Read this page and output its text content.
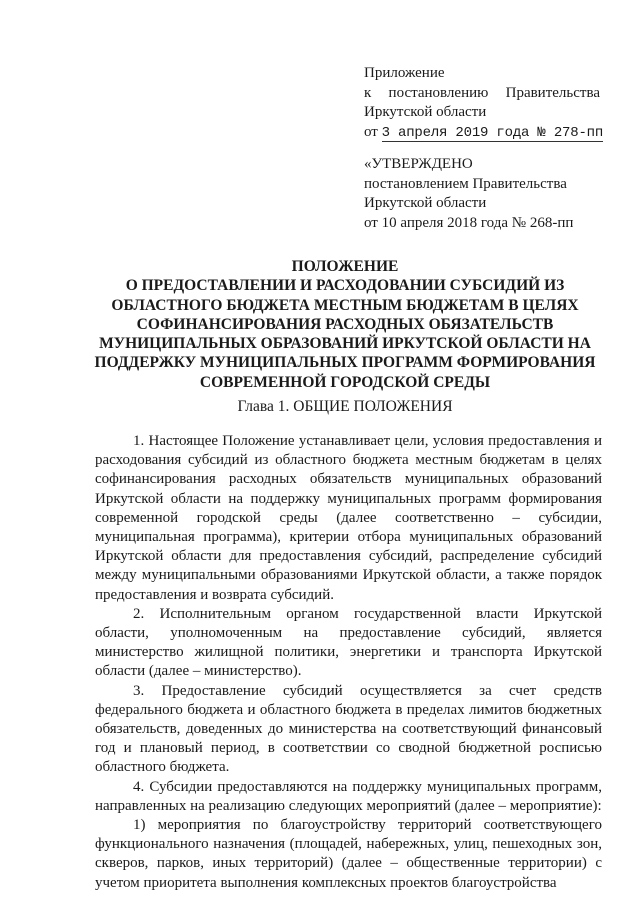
Приложение
к постановлению Правительства
Иркутской области
от 3 апреля 2019 года № 278-пп
«УТВЕРЖДЕНО
постановлением Правительства
Иркутской области
от 10 апреля 2018 года № 268-пп
ПОЛОЖЕНИЕ
О ПРЕДОСТАВЛЕНИИ И РАСХОДОВАНИИ СУБСИДИЙ ИЗ
ОБЛАСТНОГО БЮДЖЕТА МЕСТНЫМ БЮДЖЕТАМ В ЦЕЛЯХ
СОФИНАНСИРОВАНИЯ РАСХОДНЫХ ОБЯЗАТЕЛЬСТВ
МУНИЦИПАЛЬНЫХ ОБРАЗОВАНИЙ ИРКУТСКОЙ ОБЛАСТИ НА
ПОДДЕРЖКУ МУНИЦИПАЛЬНЫХ ПРОГРАММ ФОРМИРОВАНИЯ
СОВРЕМЕННОЙ ГОРОДСКОЙ СРЕДЫ
Глава 1. ОБЩИЕ ПОЛОЖЕНИЯ

1. Настоящее Положение устанавливает цели, условия предоставления и расходования субсидий из областного бюджета местным бюджетам в целях софинансирования расходных обязательств муниципальных образований Иркутской области на поддержку муниципальных программ формирования современной городской среды (далее соответственно – субсидии, муниципальная программа), критерии отбора муниципальных образований Иркутской области для предоставления субсидий, распределение субсидий между муниципальными образованиями Иркутской области, а также порядок предоставления и возврата субсидий.

2. Исполнительным органом государственной власти Иркутской области, уполномоченным на предоставление субсидий, является министерство жилищной политики, энергетики и транспорта Иркутской области (далее – министерство).

3. Предоставление субсидий осуществляется за счет средств федерального бюджета и областного бюджета в пределах лимитов бюджетных обязательств, доведенных до министерства на соответствующий финансовый год и плановый период, в соответствии со сводной бюджетной росписью областного бюджета.

4. Субсидии предоставляются на поддержку муниципальных программ, направленных на реализацию следующих мероприятий (далее – мероприятие):

1) мероприятия по благоустройству территорий соответствующего функционального назначения (площадей, набережных, улиц, пешеходных зон, скверов, парков, иных территорий) (далее – общественные территории) с учетом приоритета выполнения комплексных проектов благоустройства
